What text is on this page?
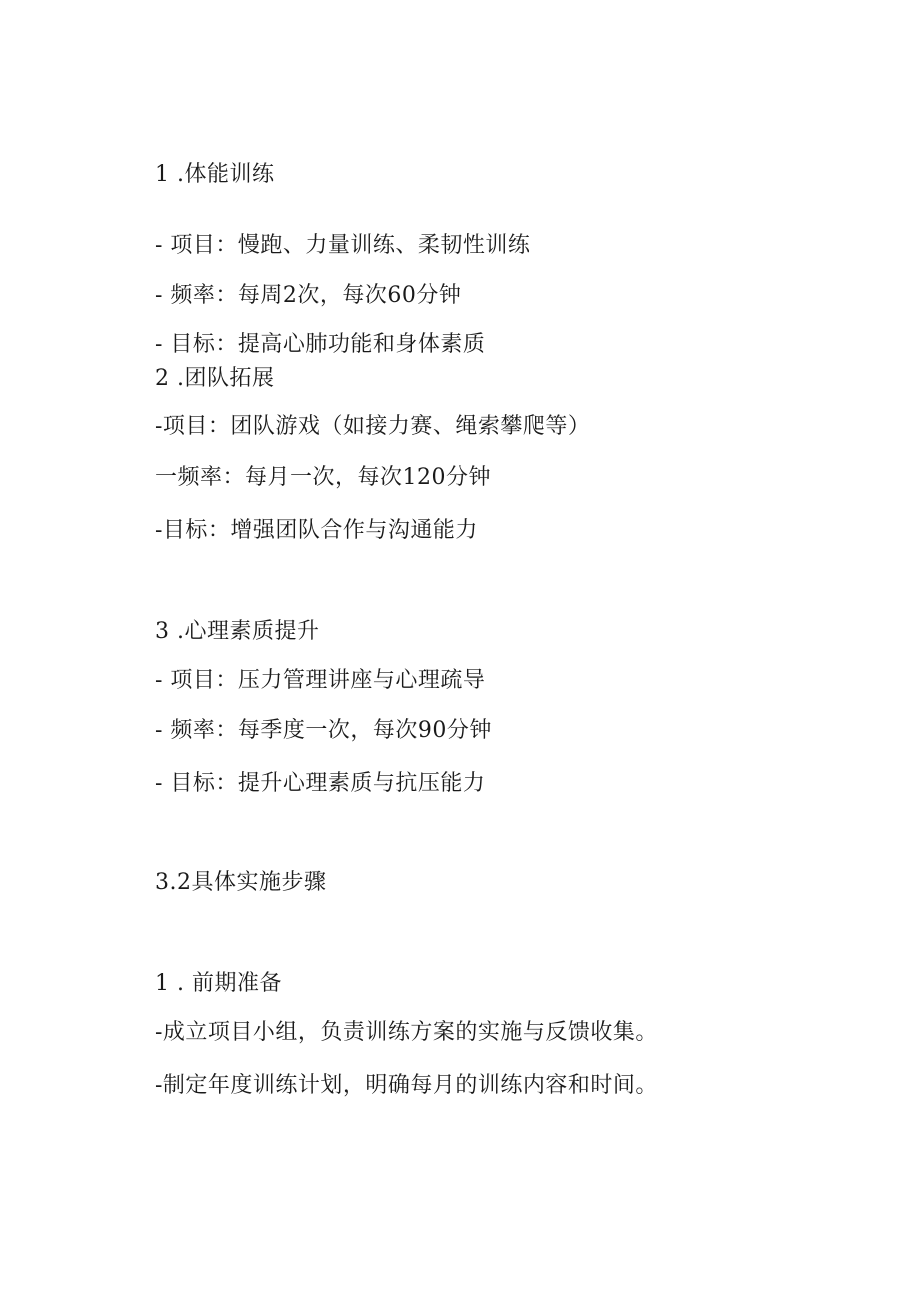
1 .体能训练
- 项目：慢跑、力量训练、柔韧性训练
- 频率：每周2次，每次60分钟
- 目标：提高心肺功能和身体素质
2 .团队拓展
-项目：团队游戏（如接力赛、绳索攀爬等）
一频率：每月一次，每次120分钟
-目标：增强团队合作与沟通能力
3 .心理素质提升
- 项目：压力管理讲座与心理疏导
- 频率：每季度一次，每次90分钟
- 目标：提升心理素质与抗压能力
3.2具体实施步骤
1 . 前期准备
-成立项目小组，负责训练方案的实施与反馈收集。
-制定年度训练计划，明确每月的训练内容和时间。
